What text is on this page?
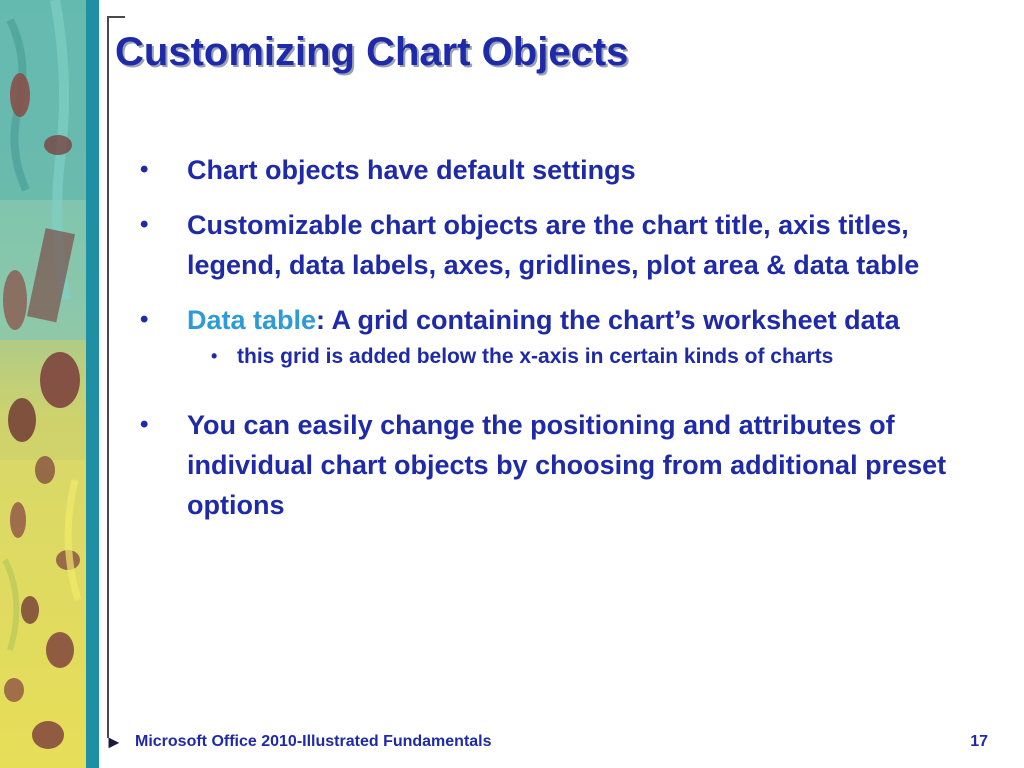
Customizing Chart Objects
• Chart objects have default settings
• Customizable chart objects are the chart title, axis titles, legend, data labels, axes, gridlines, plot area & data table
• Data table: A grid containing the chart’s worksheet data
• this grid is added below the x-axis in certain kinds of charts
• You can easily change the positioning and attributes of individual chart objects by choosing from additional preset options
► Microsoft Office 2010-Illustrated Fundamentals	17
